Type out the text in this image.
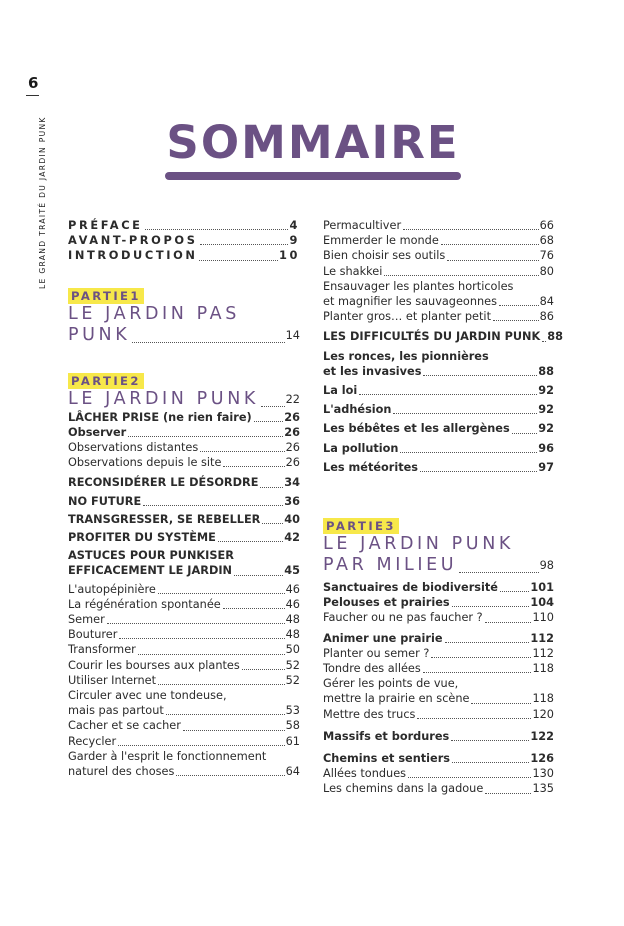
6
LE GRAND TRAITÉ DU JARDIN PUNK	SOMMAIRE
PRÉFACE	4
AVANT-PROPOS	9
INTRODUCTION	10
PARTIE1
LE JARDIN PAS
PUNK	14
PARTIE2
LE JARDIN PUNK 22
LÂCHER PRISE (ne rien faire)	26
Observer	26
Observations distantes	26
Observations depuis le site	26
RECONSIDÉRER LE DÉSORDRE 34
NO FUTURE	36
TRANSGRESSER, SE REBELLER 40
PROFITER DU SYSTÈME	42
ASTUCES POUR PUNKISER
EFFICACEMENT LE JARDIN	45
L'autopépinière	46
La régénération spontanée	46
Semer	48
Bouturer	48
Transformer	50
Courir les bourses aux plantes	52
Utiliser Internet	52
Circuler avec une tondeuse,
mais pas partout	53
Cacher et se cacher	58
Recycler	61
Garder à l'esprit le fonctionnement
naturel des choses	64
Permacultiver	66
Emmerder le monde	68
Bien choisir ses outils	76
Le shakkei	80
Ensauvager les plantes horticoles
et magnifier les sauvageonnes	84
Planter gros… et planter petit	86
LES DIFFICULTÉS DU JARDIN PUNK 88
Les ronces, les pionnières
et les invasives	88
La loi	92
L'adhésion	92
Les bébêtes et les allergènes	92
La pollution	96
Les météorites	97
PARTIE3
LE JARDIN PUNK
PAR MILIEU	98
Sanctuaires de biodiversité	101
Pelouses et prairies	104
Faucher ou ne pas faucher ?	110
Animer une prairie	112
Planter ou semer ?	112
Tondre des allées	118
Gérer les points de vue,
mettre la prairie en scène	118
Mettre des trucs	120
Massifs et bordures	122
Chemins et sentiers	126
Allées tondues	130
Les chemins dans la gadoue	135
